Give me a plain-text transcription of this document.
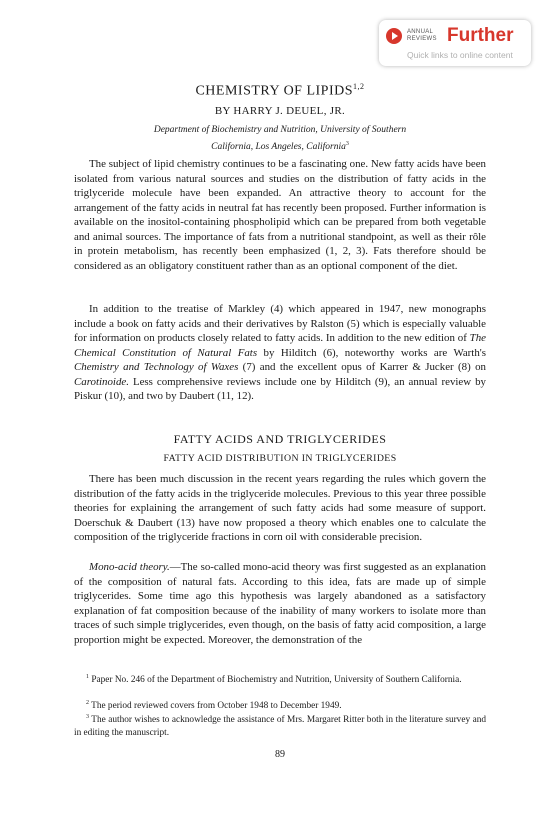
ANNUAL REVIEWS Further
Quick links to online content
CHEMISTRY OF LIPIDS$^{1,2}$
BY HARRY J. DEUEL, JR.
Department of Biochemistry and Nutrition, University of Southern
California, Los Angeles, California$^3$

The subject of lipid chemistry continues to be a fascinating one. New fatty acids have been isolated from various natural sources and studies on the distribution of fatty acids in the triglyceride molecule have been expanded. An attractive theory to account for the arrangement of the fatty acids in neutral fat has recently been proposed. Further information is available on the inositol-containing phospholipid which can be prepared from both vegetable and animal sources. The importance of fats from a nutritional standpoint, as well as their rôle in protein metabolism, has recently been emphasized (1, 2, 3). Fats therefore should be considered as an obligatory constituent rather than as an optional component of the diet.

In addition to the treatise of Markley (4) which appeared in 1947, new monographs include a book on fatty acids and their derivatives by Ralston (5) which is especially valuable for information on products closely related to fatty acids. In addition to the new edition of The Chemical Constitution of Natural Fats by Hilditch (6), noteworthy works are Warth's Chemistry and Technology of Waxes (7) and the excellent opus of Karrer & Jucker (8) on Carotinoide. Less comprehensive reviews include one by Hilditch (9), an annual review by Piskur (10), and two by Daubert (11, 12).

FATTY ACIDS AND TRIGLYCERIDES
FATTY ACID DISTRIBUTION IN TRIGLYCERIDES

There has been much discussion in the recent years regarding the rules which govern the distribution of the fatty acids in the triglyceride molecules. Previous to this year three possible theories for explaining the arrangement of such fatty acids had some measure of support. Doerschuk & Daubert (13) have now proposed a theory which enables one to calculate the composition of the triglyceride fractions in corn oil with considerable precision.

Mono-acid theory.—The so-called mono-acid theory was first suggested as an explanation of the composition of natural fats. According to this idea, fats are made up of simple triglycerides. Some time ago this hypothesis was largely abandoned as a satisfactory explanation of fat composition because of the inability of many workers to isolate more than traces of such simple triglycerides, even though, on the basis of fatty acid composition, a large proportion might be expected. Moreover, the demonstration of the

$^1$ Paper No. 246 of the Department of Biochemistry and Nutrition, University of Southern California.

$^2$ The period reviewed covers from October 1948 to December 1949.

$^3$ The author wishes to acknowledge the assistance of Mrs. Margaret Ritter both in the literature survey and in editing the manuscript.

89
